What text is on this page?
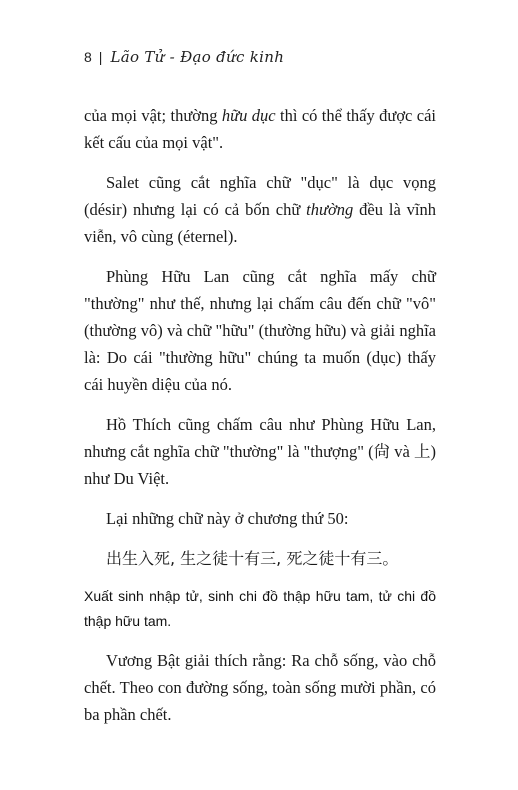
8 | Lão Tử - Đạo đức kinh

của mọi vật; thường hữu dục thì có thể thấy được cái kết cấu của mọi vật".

Salet cũng cắt nghĩa chữ "dục" là dục vọng (désir) nhưng lại có cả bốn chữ thường đều là vĩnh viễn, vô cùng (éternel).

Phùng Hữu Lan cũng cắt nghĩa mấy chữ "thường" như thế, nhưng lại chấm câu đến chữ "vô" (thường vô) và chữ "hữu" (thường hữu) và giải nghĩa là: Do cái "thường hữu" chúng ta muốn (dục) thấy cái huyền diệu của nó.

Hồ Thích cũng chấm câu như Phùng Hữu Lan, nhưng cắt nghĩa chữ "thường" là "thượng" (尙 và 上) như Du Việt.

Lại những chữ này ở chương thứ 50:

出生入死, 生之徒十有三, 死之徒十有三。

Xuất sinh nhập tử, sinh chi đồ thập hữu tam, tử chi đồ thập hữu tam.

Vương Bật giải thích rằng: Ra chỗ sống, vào chỗ chết. Theo con đường sống, toàn sống mười phần, có ba phần chết.
